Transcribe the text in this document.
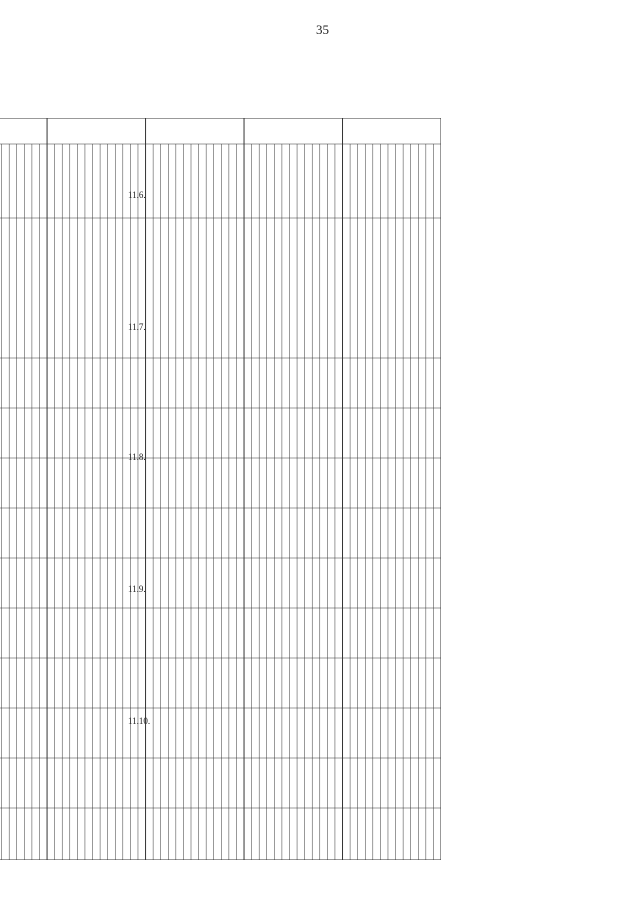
35
11.6.
11.7.
11.8.
11.9.
11.10.
